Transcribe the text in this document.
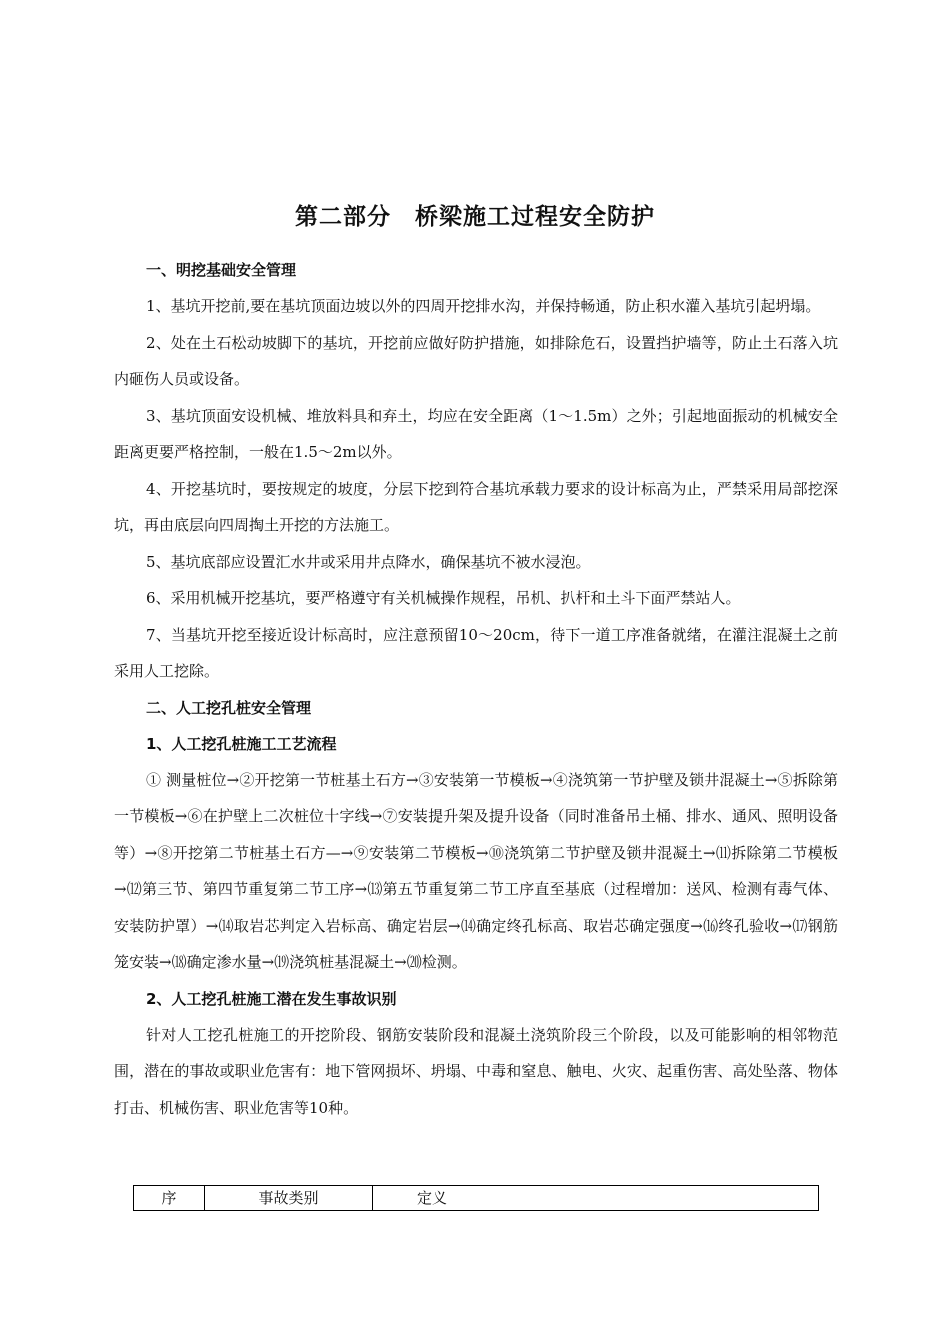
第二部分　桥梁施工过程安全防护
一、明挖基础安全管理
1、基坑开挖前,要在基坑顶面边坡以外的四周开挖排水沟，并保持畅通，防止积水灌入基坑引起坍塌。
2、处在土石松动坡脚下的基坑，开挖前应做好防护措施，如排除危石，设置挡护墙等，防止土石落入坑内砸伤人员或设备。
3、基坑顶面安设机械、堆放料具和弃土，均应在安全距离（1～1.5m）之外；引起地面振动的机械安全距离更要严格控制，一般在1.5～2m以外。
4、开挖基坑时，要按规定的坡度，分层下挖到符合基坑承载力要求的设计标高为止，严禁采用局部挖深坑，再由底层向四周掏土开挖的方法施工。
5、基坑底部应设置汇水井或采用井点降水，确保基坑不被水浸泡。
6、采用机械开挖基坑，要严格遵守有关机械操作规程，吊机、扒杆和土斗下面严禁站人。
7、当基坑开挖至接近设计标高时，应注意预留10～20cm，待下一道工序准备就绪，在灌注混凝土之前采用人工挖除。
二、人工挖孔桩安全管理
1、人工挖孔桩施工工艺流程
① 测量桩位→②开挖第一节桩基土石方→③安装第一节模板→④浇筑第一节护壁及锁井混凝土→⑤拆除第一节模板→⑥在护壁上二次桩位十字线→⑦安装提升架及提升设备（同时准备吊土桶、排水、通风、照明设备等）→⑧开挖第二节桩基土石方—→⑨安装第二节模板→⑩浇筑第二节护壁及锁井混凝土→⑾拆除第二节模板→⑿第三节、第四节重复第二节工序→⒀第五节重复第二节工序直至基底（过程增加：送风、检测有毒气体、安装防护罩）→⒁取岩芯判定入岩标高、确定岩层→⒁确定终孔标高、取岩芯确定强度→⒃终孔验收→⒄钢筋笼安装→⒅确定渗水量→⒆浇筑桩基混凝土→⒇检测。
2、人工挖孔桩施工潜在发生事故识别
针对人工挖孔桩施工的开挖阶段、钢筋安装阶段和混凝土浇筑阶段三个阶段，以及可能影响的相邻物范围，潜在的事故或职业危害有：地下管网损坏、坍塌、中毒和窒息、触电、火灾、起重伤害、高处坠落、物体打击、机械伤害、职业危害等10种。
序	事故类别	定义
